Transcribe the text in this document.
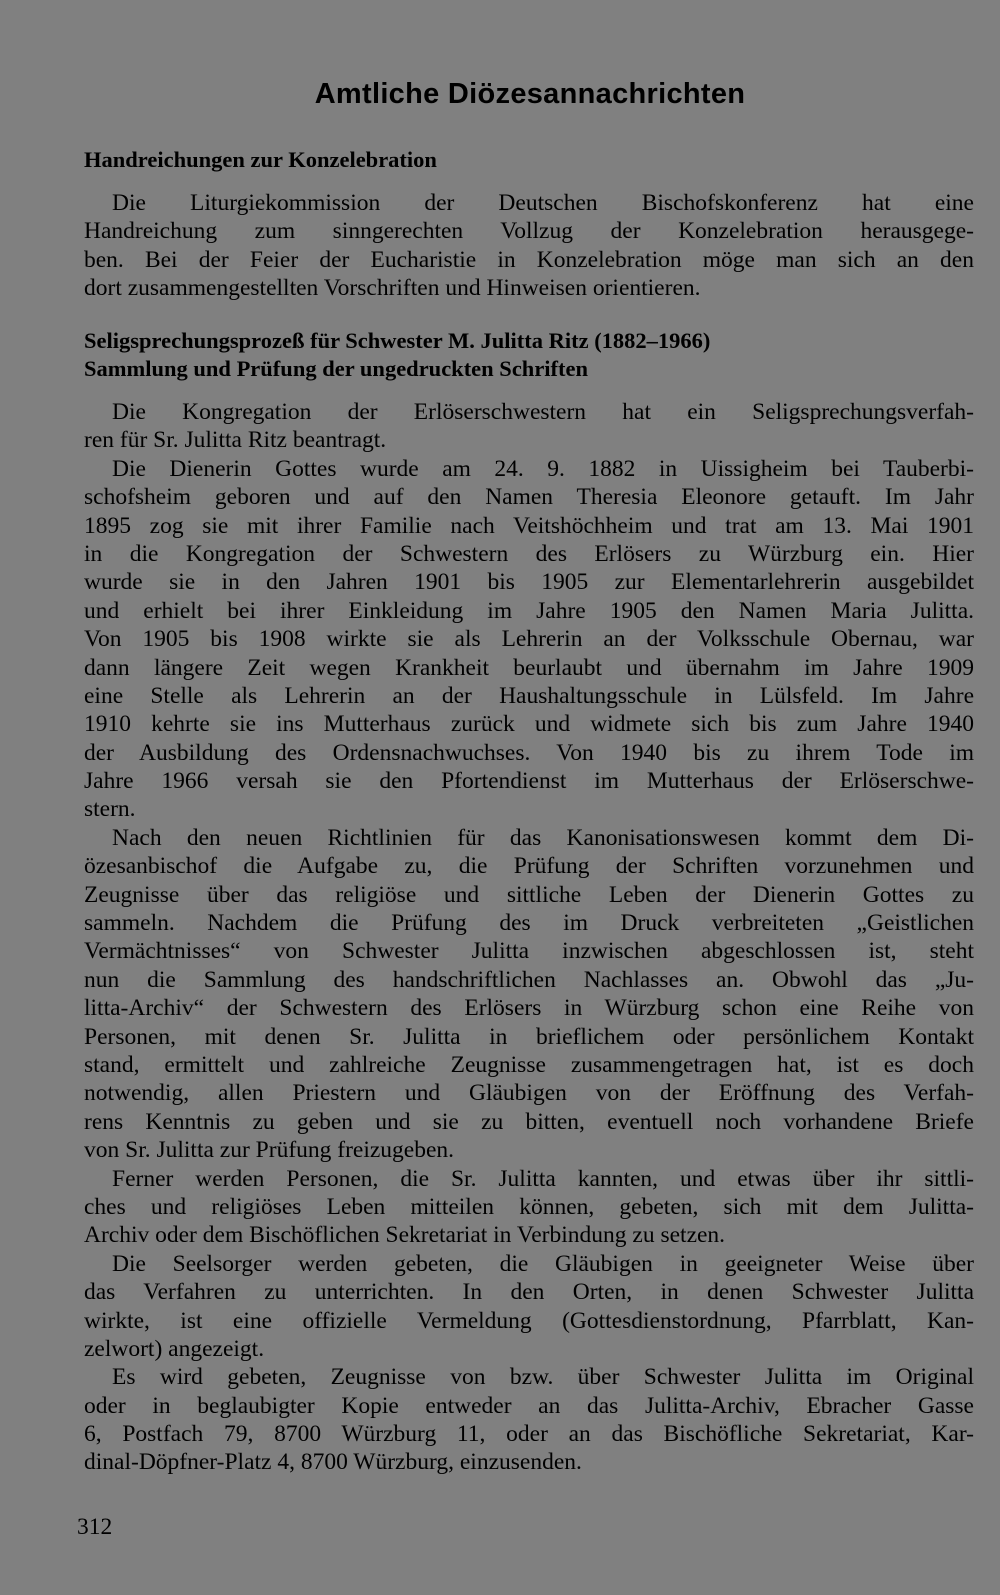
Amtliche Diözesannachrichten
Handreichungen zur Konzelebration
Die Liturgiekommission der Deutschen Bischofskonferenz hat eine
Handreichung zum sinngerechten Vollzug der Konzelebration herausgege-
ben. Bei der Feier der Eucharistie in Konzelebration möge man sich an den
dort zusammengestellten Vorschriften und Hinweisen orientieren.
Seligsprechungsprozeß für Schwester M. Julitta Ritz (1882–1966)
Sammlung und Prüfung der ungedruckten Schriften
Die Kongregation der Erlöserschwestern hat ein Seligsprechungsverfah-
ren für Sr. Julitta Ritz beantragt.
Die Dienerin Gottes wurde am 24. 9. 1882 in Uissigheim bei Tauberbi-
schofsheim geboren und auf den Namen Theresia Eleonore getauft. Im Jahr
1895 zog sie mit ihrer Familie nach Veitshöchheim und trat am 13. Mai 1901
in die Kongregation der Schwestern des Erlösers zu Würzburg ein. Hier
wurde sie in den Jahren 1901 bis 1905 zur Elementarlehrerin ausgebildet
und erhielt bei ihrer Einkleidung im Jahre 1905 den Namen Maria Julitta.
Von 1905 bis 1908 wirkte sie als Lehrerin an der Volksschule Obernau, war
dann längere Zeit wegen Krankheit beurlaubt und übernahm im Jahre 1909
eine Stelle als Lehrerin an der Haushaltungsschule in Lülsfeld. Im Jahre
1910 kehrte sie ins Mutterhaus zurück und widmete sich bis zum Jahre 1940
der Ausbildung des Ordensnachwuchses. Von 1940 bis zu ihrem Tode im
Jahre 1966 versah sie den Pfortendienst im Mutterhaus der Erlöserschwe-
stern.
Nach den neuen Richtlinien für das Kanonisationswesen kommt dem Di-
özesanbischof die Aufgabe zu, die Prüfung der Schriften vorzunehmen und
Zeugnisse über das religiöse und sittliche Leben der Dienerin Gottes zu
sammeln. Nachdem die Prüfung des im Druck verbreiteten „Geistlichen
Vermächtnisses“ von Schwester Julitta inzwischen abgeschlossen ist, steht
nun die Sammlung des handschriftlichen Nachlasses an. Obwohl das „Ju-
litta-Archiv“ der Schwestern des Erlösers in Würzburg schon eine Reihe von
Personen, mit denen Sr. Julitta in brieflichem oder persönlichem Kontakt
stand, ermittelt und zahlreiche Zeugnisse zusammengetragen hat, ist es doch
notwendig, allen Priestern und Gläubigen von der Eröffnung des Verfah-
rens Kenntnis zu geben und sie zu bitten, eventuell noch vorhandene Briefe
von Sr. Julitta zur Prüfung freizugeben.
Ferner werden Personen, die Sr. Julitta kannten, und etwas über ihr sittli-
ches und religiöses Leben mitteilen können, gebeten, sich mit dem Julitta-
Archiv oder dem Bischöflichen Sekretariat in Verbindung zu setzen.
Die Seelsorger werden gebeten, die Gläubigen in geeigneter Weise über
das Verfahren zu unterrichten. In den Orten, in denen Schwester Julitta
wirkte, ist eine offizielle Vermeldung (Gottesdienstordnung, Pfarrblatt, Kan-
zelwort) angezeigt.
Es wird gebeten, Zeugnisse von bzw. über Schwester Julitta im Original
oder in beglaubigter Kopie entweder an das Julitta-Archiv, Ebracher Gasse
6, Postfach 79, 8700 Würzburg 11, oder an das Bischöfliche Sekretariat, Kar-
dinal-Döpfner-Platz 4, 8700 Würzburg, einzusenden.
312
